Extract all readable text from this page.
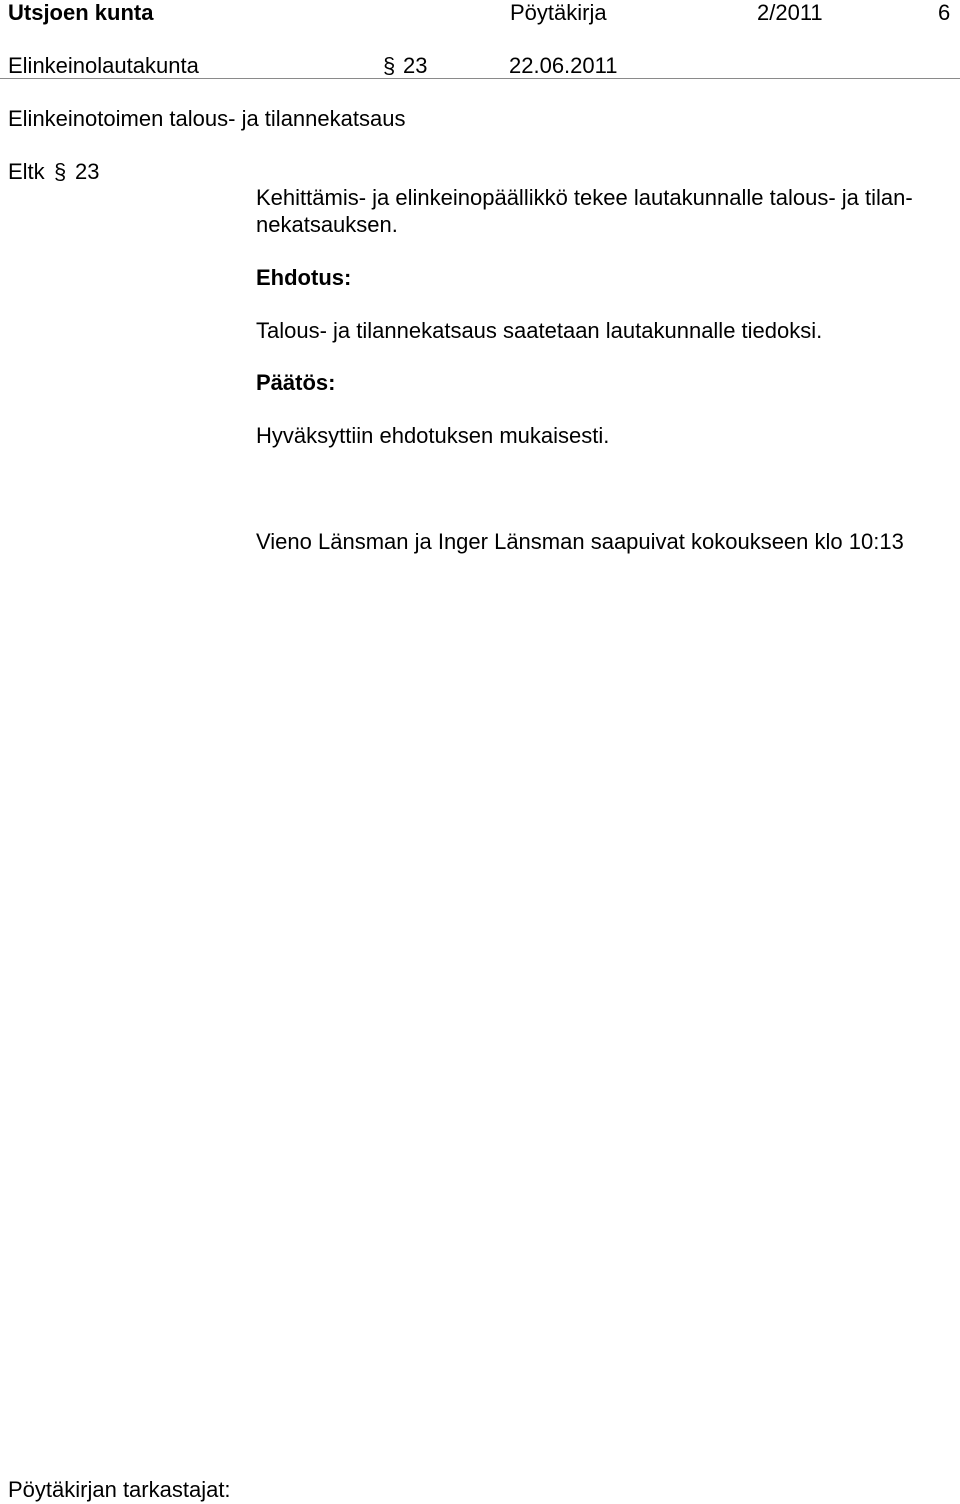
Utsjoen kunta	Pöytäkirja	2/2011	6
Elinkeinolautakunta	§ 23	22.06.2011
Elinkeinotoimen talous- ja tilannekatsaus
Eltk § 23
Kehittämis- ja elinkeinopäällikkö tekee lautakunnalle talous- ja tilan-
nekatsauksen.
Ehdotus:
Talous- ja tilannekatsaus saatetaan lautakunnalle tiedoksi.
Päätös:
Hyväksyttiin ehdotuksen mukaisesti.
Vieno Länsman ja Inger Länsman saapuivat kokoukseen klo 10:13
Pöytäkirjan tarkastajat:
